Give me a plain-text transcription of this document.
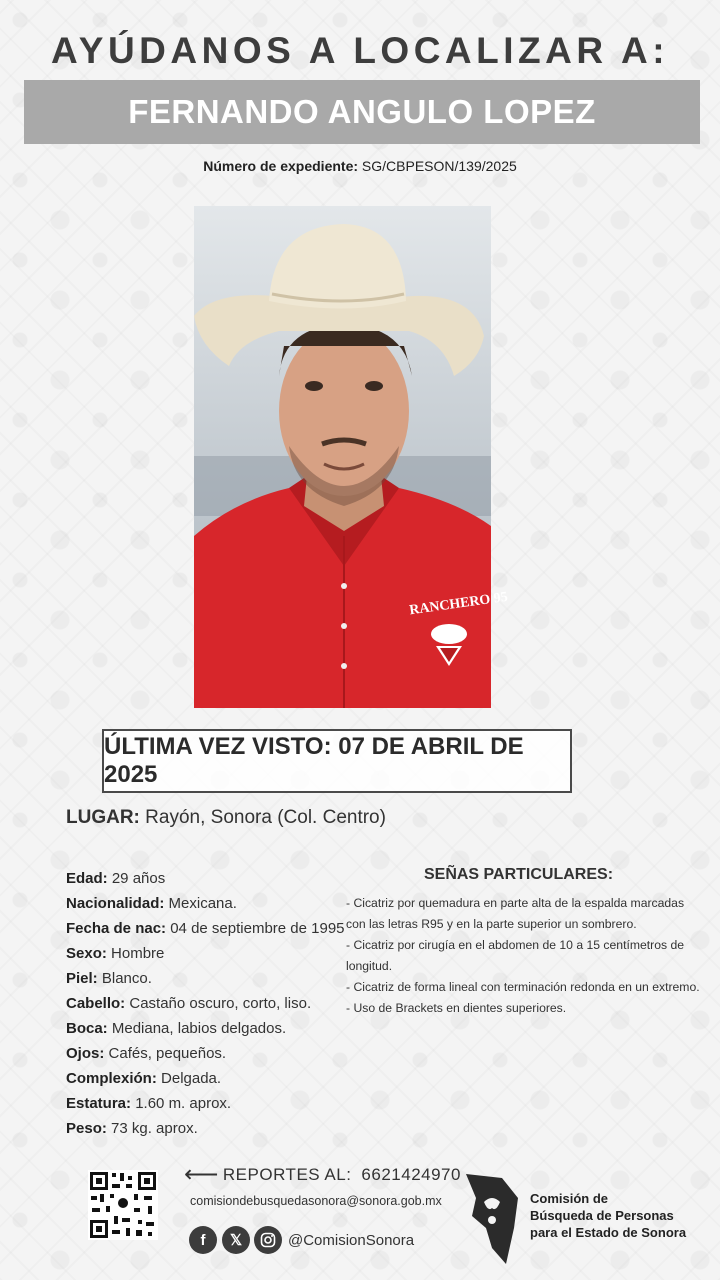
AYÚDANOS A LOCALIZAR A:
FERNANDO ANGULO LOPEZ
Número de expediente: SG/CBPESON/139/2025
RANCHERO 95
ÚLTIMA VEZ VISTO: 07 DE ABRIL DE 2025
LUGAR: Rayón, Sonora (Col. Centro)
Edad: 29 años
Nacionalidad: Mexicana.
Fecha de nac: 04 de septiembre de 1995
Sexo: Hombre
Piel: Blanco.
Cabello: Castaño oscuro, corto, liso.
Boca: Mediana, labios delgados.
Ojos: Cafés, pequeños.
Complexión: Delgada.
Estatura: 1.60 m. aprox.
Peso: 73 kg. aprox.
SEÑAS PARTICULARES:
- Cicatriz por quemadura en parte alta de la espalda marcadas con las letras R95 y en la parte superior un sombrero.
- Cicatriz por cirugía en el abdomen de 10 a 15 centímetros de longitud.
- Cicatriz de forma lineal con terminación redonda en un extremo.
- Uso de Brackets en dientes superiores.
⟵ REPORTES AL: 6621424970
comisiondebusquedasonora@sonora.gob.mx
f	𝕏	@ComisionSonora
Comisión de
Búsqueda de Personas
para el Estado de Sonora
